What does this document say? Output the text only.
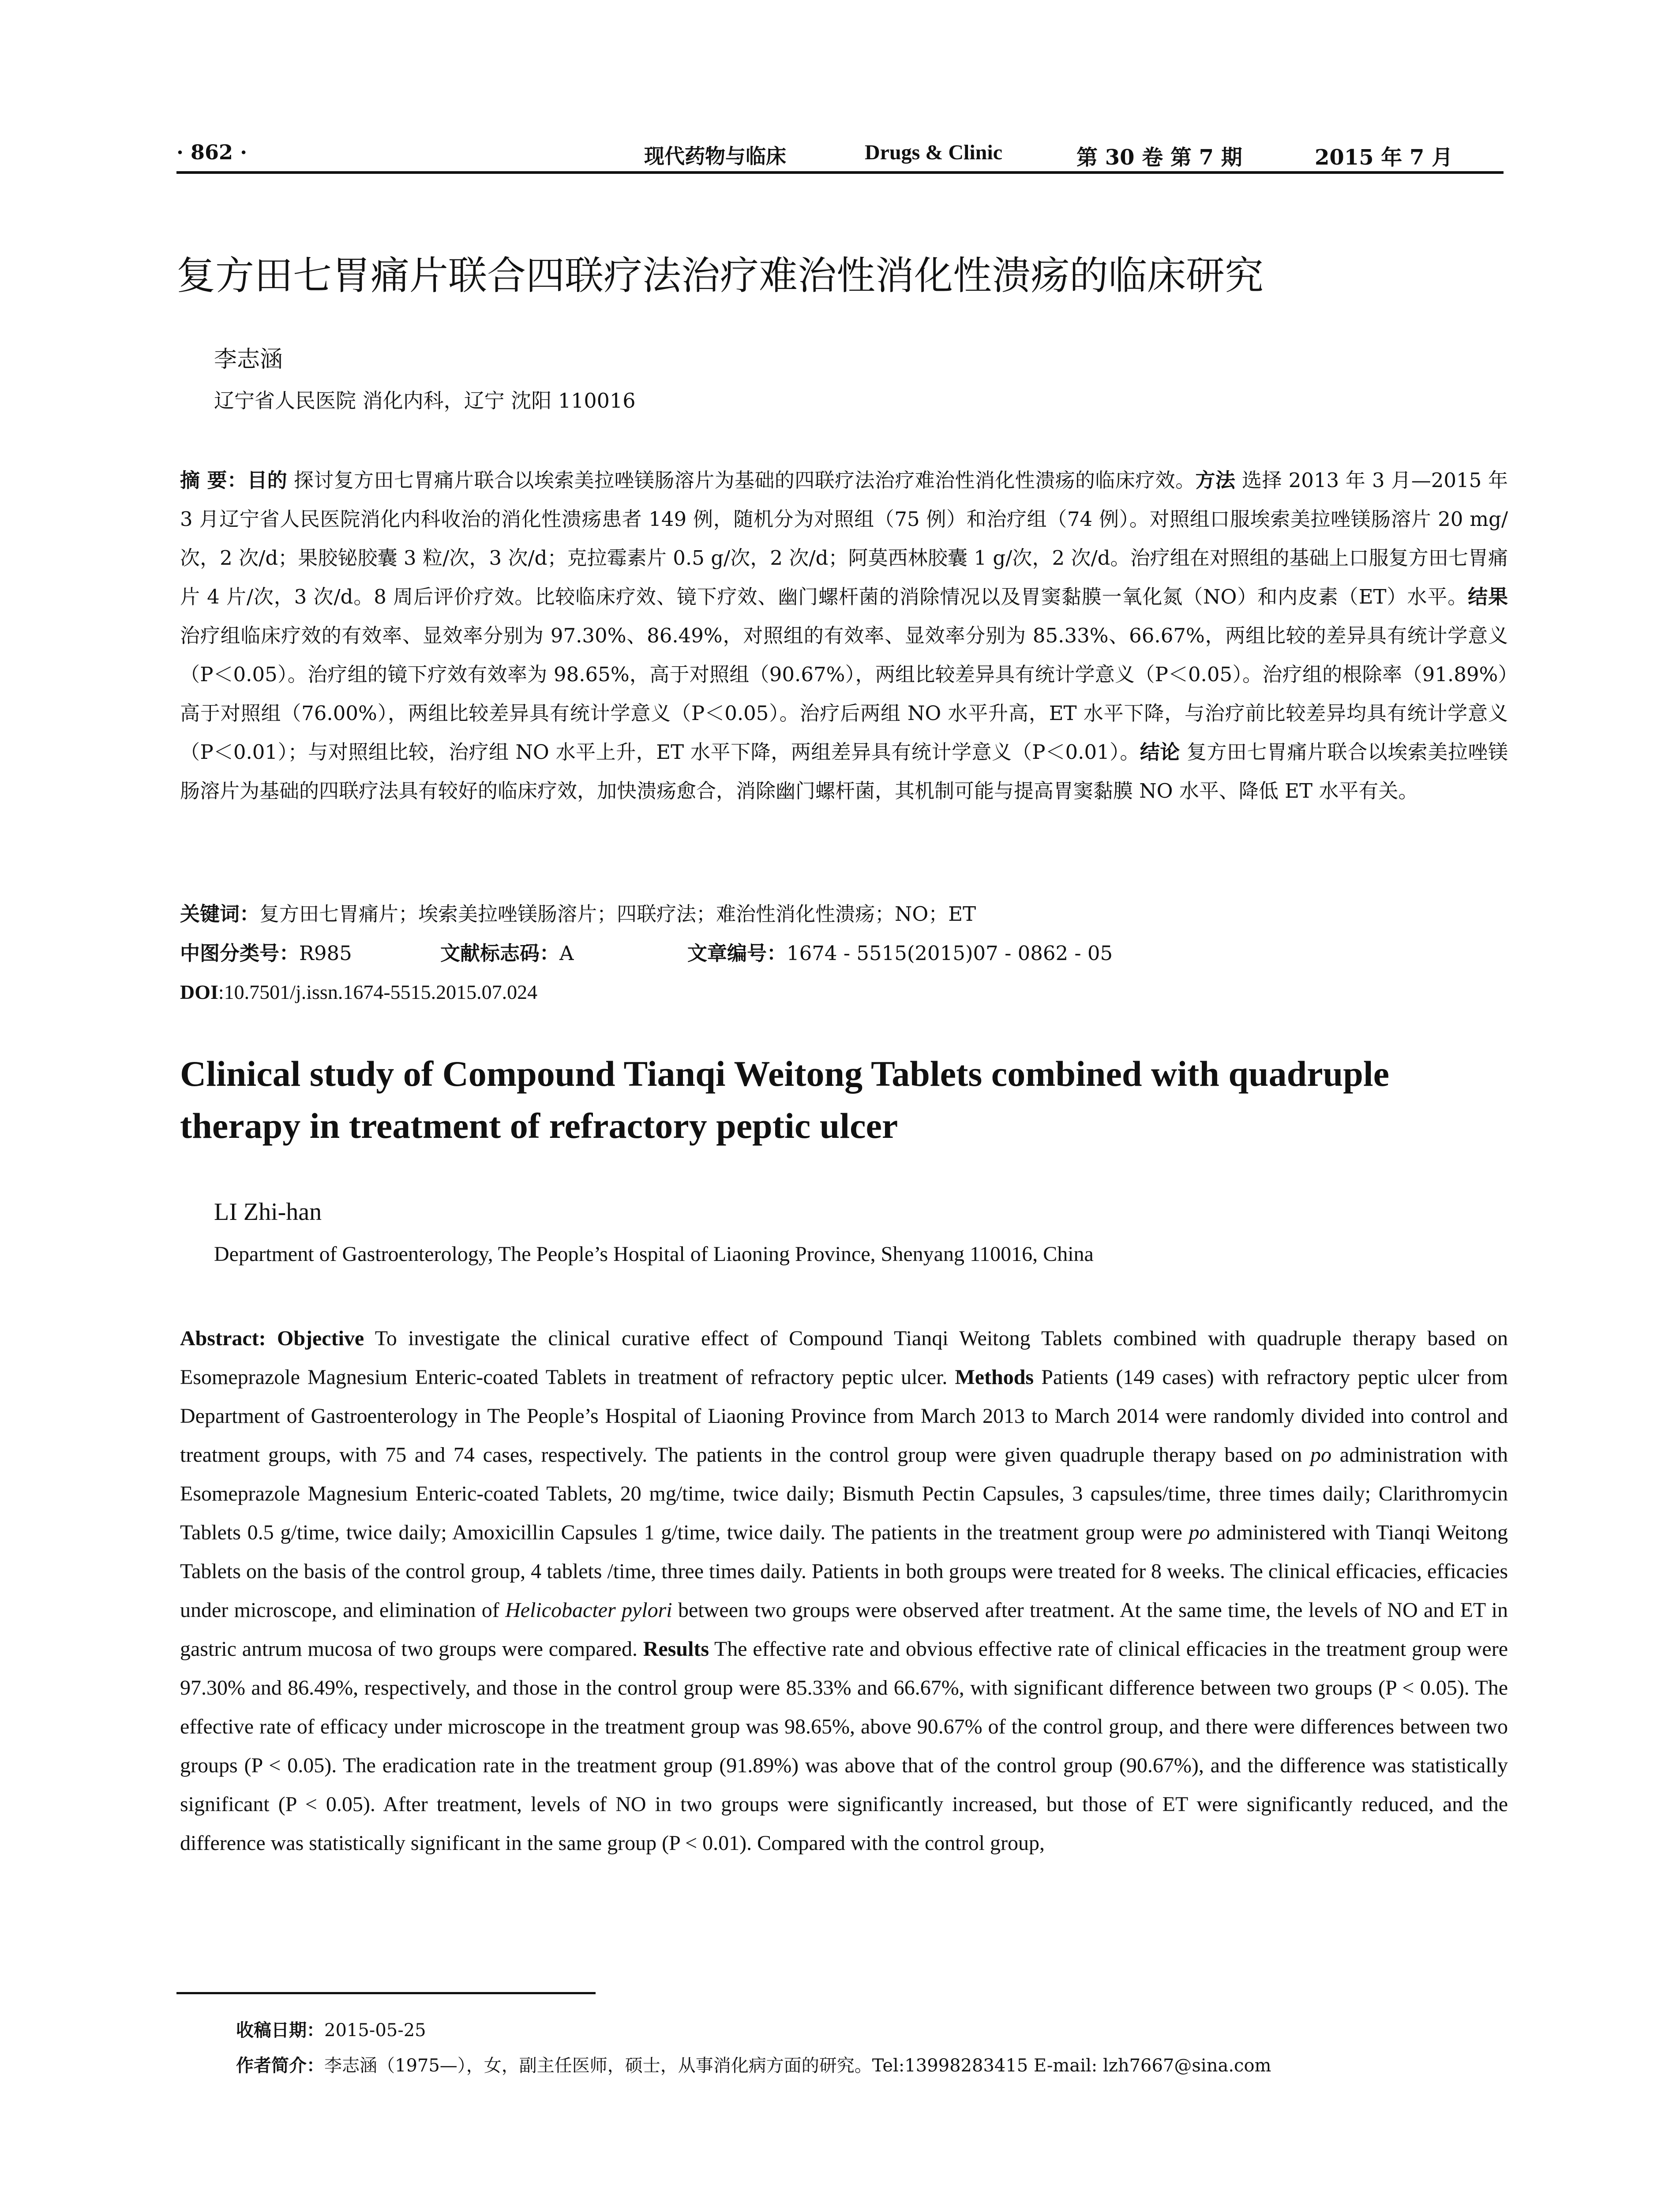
· 862 ·	现代药物与临床	Drugs & Clinic	第 30 卷 第 7 期	2015 年 7 月
复方田七胃痛片联合四联疗法治疗难治性消化性溃疡的临床研究
李志涵
辽宁省人民医院 消化内科，辽宁 沈阳 110016
摘 要：目的 探讨复方田七胃痛片联合以埃索美拉唑镁肠溶片为基础的四联疗法治疗难治性消化性溃疡的临床疗效。方法 选择 2013 年 3 月—2015 年 3 月辽宁省人民医院消化内科收治的消化性溃疡患者 149 例，随机分为对照组（75 例）和治疗组（74 例）。对照组口服埃索美拉唑镁肠溶片 20 mg/次，2 次/d；果胶铋胶囊 3 粒/次，3 次/d；克拉霉素片 0.5 g/次，2 次/d；阿莫西林胶囊 1 g/次，2 次/d。治疗组在对照组的基础上口服复方田七胃痛片 4 片/次，3 次/d。8 周后评价疗效。比较临床疗效、镜下疗效、幽门螺杆菌的消除情况以及胃窦黏膜一氧化氮（NO）和内皮素（ET）水平。结果 治疗组临床疗效的有效率、显效率分别为 97.30%、86.49%，对照组的有效率、显效率分别为 85.33%、66.67%，两组比较的差异具有统计学意义（P＜0.05）。治疗组的镜下疗效有效率为 98.65%，高于对照组（90.67%），两组比较差异具有统计学意义（P＜0.05）。治疗组的根除率（91.89%）高于对照组（76.00%），两组比较差异具有统计学意义（P＜0.05）。治疗后两组 NO 水平升高，ET 水平下降，与治疗前比较差异均具有统计学意义（P＜0.01）；与对照组比较，治疗组 NO 水平上升，ET 水平下降，两组差异具有统计学意义（P＜0.01）。结论 复方田七胃痛片联合以埃索美拉唑镁肠溶片为基础的四联疗法具有较好的临床疗效，加快溃疡愈合，消除幽门螺杆菌，其机制可能与提高胃窦黏膜 NO 水平、降低 ET 水平有关。
关键词：复方田七胃痛片；埃索美拉唑镁肠溶片；四联疗法；难治性消化性溃疡；NO；ET
中图分类号：R985	文献标志码：A	文章编号：1674 - 5515(2015)07 - 0862 - 05
DOI:10.7501/j.issn.1674-5515.2015.07.024
Clinical study of Compound Tianqi Weitong Tablets combined with quadruple
therapy in treatment of refractory peptic ulcer
LI Zhi-han
Department of Gastroenterology, The People’s Hospital of Liaoning Province, Shenyang 110016, China
Abstract: Objective To investigate the clinical curative effect of Compound Tianqi Weitong Tablets combined with quadruple therapy based on Esomeprazole Magnesium Enteric-coated Tablets in treatment of refractory peptic ulcer. Methods Patients (149 cases) with refractory peptic ulcer from Department of Gastroenterology in The People’s Hospital of Liaoning Province from March 2013 to March 2014 were randomly divided into control and treatment groups, with 75 and 74 cases, respectively. The patients in the control group were given quadruple therapy based on po administration with Esomeprazole Magnesium Enteric-coated Tablets, 20 mg/time, twice daily; Bismuth Pectin Capsules, 3 capsules/time, three times daily; Clarithromycin Tablets 0.5 g/time, twice daily; Amoxicillin Capsules 1 g/time, twice daily. The patients in the treatment group were po administered with Tianqi Weitong Tablets on the basis of the control group, 4 tablets /time, three times daily. Patients in both groups were treated for 8 weeks. The clinical efficacies, efficacies under microscope, and elimination of Helicobacter pylori between two groups were observed after treatment. At the same time, the levels of NO and ET in gastric antrum mucosa of two groups were compared. Results The effective rate and obvious effective rate of clinical efficacies in the treatment group were 97.30% and 86.49%, respectively, and those in the control group were 85.33% and 66.67%, with significant difference between two groups (P < 0.05). The effective rate of efficacy under microscope in the treatment group was 98.65%, above 90.67% of the control group, and there were differences between two groups (P < 0.05). The eradication rate in the treatment group (91.89%) was above that of the control group (90.67%), and the difference was statistically significant (P < 0.05). After treatment, levels of NO in two groups were significantly increased, but those of ET were significantly reduced, and the difference was statistically significant in the same group (P < 0.01). Compared with the control group,
收稿日期：2015-05-25
作者简介：李志涵（1975—），女，副主任医师，硕士，从事消化病方面的研究。Tel:13998283415 E-mail: lzh7667@sina.com
